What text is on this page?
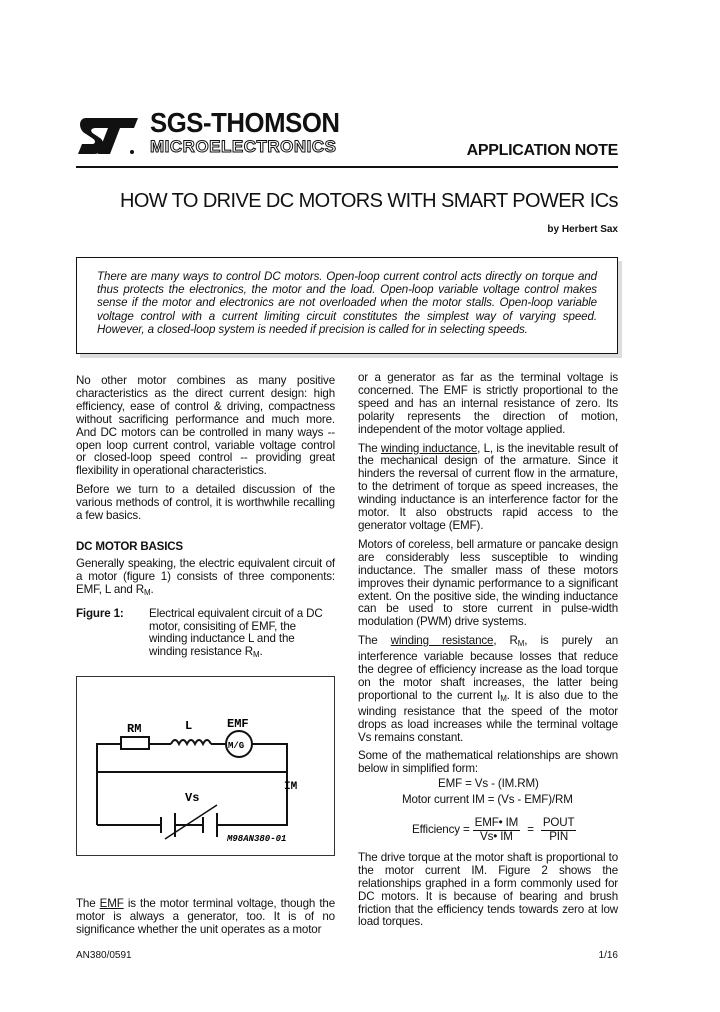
SGS-THOMSON
MICROELECTRONICS	APPLICATION NOTE
HOW TO DRIVE DC MOTORS WITH SMART POWER ICs
by Herbert Sax

There are many ways to control DC motors. Open-loop current control acts directly on torque and thus protects the electronics, the motor and the load. Open-loop variable voltage control makes sense if the motor and electronics are not overloaded when the motor stalls. Open-loop variable voltage control with a current limiting circuit constitutes the simplest way of varying speed. However, a closed-loop system is needed if precision is called for in selecting speeds.

No other motor combines as many positive characteristics as the direct current design: high efficiency, ease of control & driving, compactness without sacrificing performance and much more. And DC motors can be controlled in many ways -- open loop current control, variable voltage control or closed-loop speed control -- providing great flexibility in operational characteristics.

Before we turn to a detailed discussion of the various methods of control, it is worthwhile recalling a few basics.

DC MOTOR BASICS

Generally speaking, the electric equivalent circuit of a motor (figure 1) consists of three components: EMF, L and $R_M$.

Figure 1:	Electrical equivalent circuit of a DC motor, consisiting of EMF, the winding inductance L and the winding resistance $R_M$.
RM	L	EMF
M/G
IM
Vs
M98AN380-01

The EMF is the motor terminal voltage, though the motor is always a generator, too. It is of no significance whether the unit operates as a motor

or a generator as far as the terminal voltage is concerned. The EMF is strictly proportional to the speed and has an internal resistance of zero. Its polarity represents the direction of motion, independent of the motor voltage applied.

The winding inductance, L, is the inevitable result of the mechanical design of the armature. Since it hinders the reversal of current flow in the armature, to the detriment of torque as speed increases, the winding inductance is an interference factor for the motor. It also obstructs rapid access to the generator voltage (EMF).

Motors of coreless, bell armature or pancake design are considerably less susceptible to winding inductance. The smaller mass of these motors improves their dynamic performance to a significant extent. On the positive side, the winding inductance can be used to store current in pulse-width modulation (PWM) drive systems.

The winding resistance, $R_M$, is purely an interference variable because losses that reduce the degree of efficiency increase as the load torque on the motor shaft increases, the latter being proportional to the current $I_M$. It is also due to the winding resistance that the speed of the motor drops as load increases while the terminal voltage Vs remains constant.

Some of the mathematical relationships are shown below in simplified form:

EMF = Vs - (IM.RM)
Motor current IM = (Vs - EMF)/RM
Efficiency = $\frac{\text{EMF• IM}}{Vs• IM} = \frac{\text{POUT}}{\text{PIN}}$

The drive torque at the motor shaft is proportional to the motor current IM. Figure 2 shows the relationships graphed in a form commonly used for DC motors. It is because of bearing and brush friction that the efficiency tends towards zero at low load torques.

AN380/0591	1/16
